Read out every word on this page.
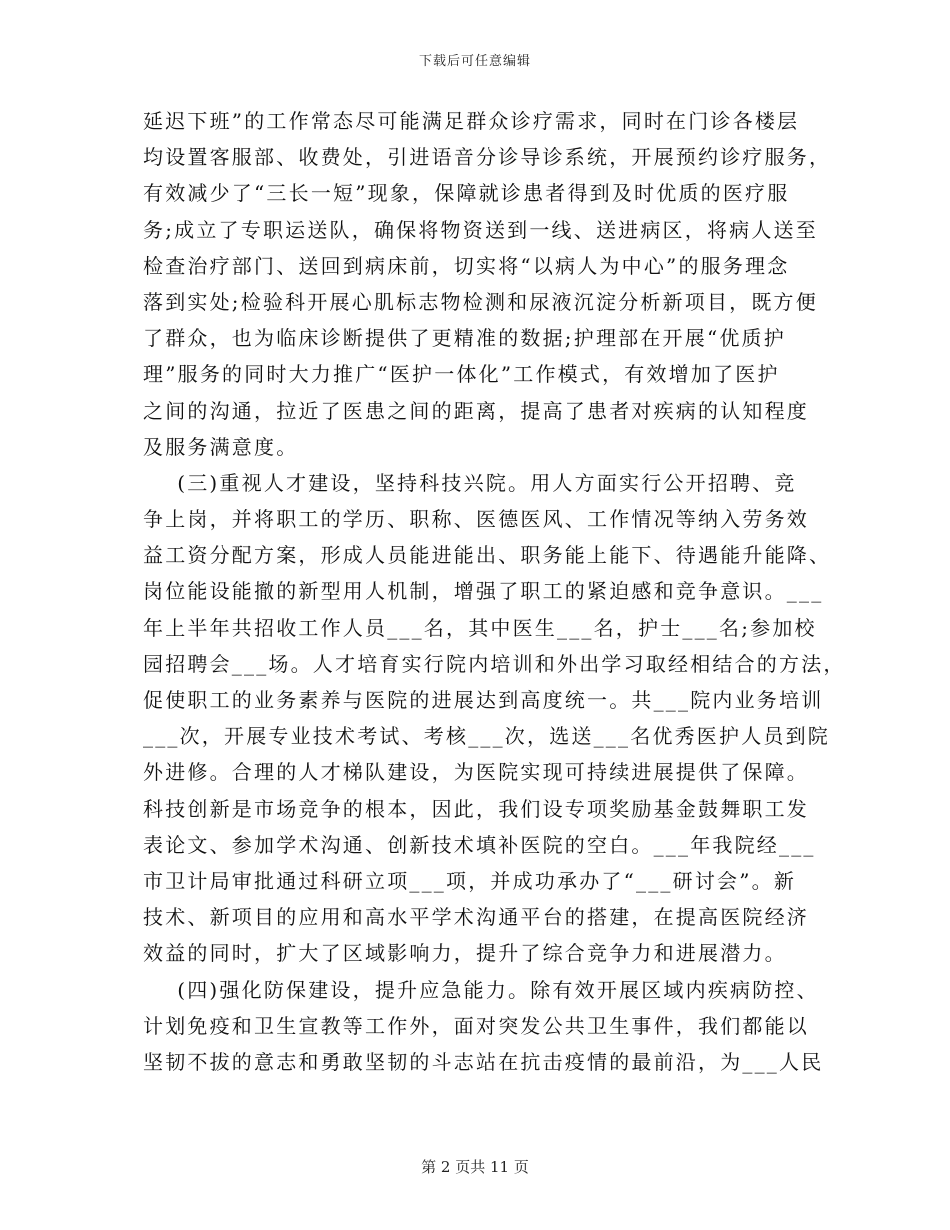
下载后可任意编辑
延迟下班”的工作常态尽可能满足群众诊疗需求，同时在门诊各楼层
均设置客服部、收费处，引进语音分诊导诊系统，开展预约诊疗服务，
有效减少了“三长一短”现象，保障就诊患者得到及时优质的医疗服
务;成立了专职运送队，确保将物资送到一线、送进病区，将病人送至
检查治疗部门、送回到病床前，切实将“以病人为中心”的服务理念
落到实处;检验科开展心肌标志物检测和尿液沉淀分析新项目，既方便
了群众，也为临床诊断提供了更精准的数据;护理部在开展“优质护
理”服务的同时大力推广“医护一体化”工作模式，有效增加了医护
之间的沟通，拉近了医患之间的距离，提高了患者对疾病的认知程度
及服务满意度。
(三)重视人才建设，坚持科技兴院。用人方面实行公开招聘、竞
争上岗，并将职工的学历、职称、医德医风、工作情况等纳入劳务效
益工资分配方案，形成人员能进能出、职务能上能下、待遇能升能降、
岗位能设能撤的新型用人机制，增强了职工的紧迫感和竞争意识。___
年上半年共招收工作人员___名，其中医生___名，护士___名;参加校
园招聘会___场。人才培育实行院内培训和外出学习取经相结合的方法，
促使职工的业务素养与医院的进展达到高度统一。共___院内业务培训
___次，开展专业技术考试、考核___次，选送___名优秀医护人员到院
外进修。合理的人才梯队建设，为医院实现可持续进展提供了保障。
科技创新是市场竞争的根本，因此，我们设专项奖励基金鼓舞职工发
表论文、参加学术沟通、创新技术填补医院的空白。___年我院经___
市卫计局审批通过科研立项___项，并成功承办了“___研讨会”。新
技术、新项目的应用和高水平学术沟通平台的搭建，在提高医院经济
效益的同时，扩大了区域影响力，提升了综合竞争力和进展潜力。
(四)强化防保建设，提升应急能力。除有效开展区域内疾病防控、
计划免疫和卫生宣教等工作外，面对突发公共卫生事件，我们都能以
坚韧不拔的意志和勇敢坚韧的斗志站在抗击疫情的最前沿，为___人民
第 2 页共 11 页
